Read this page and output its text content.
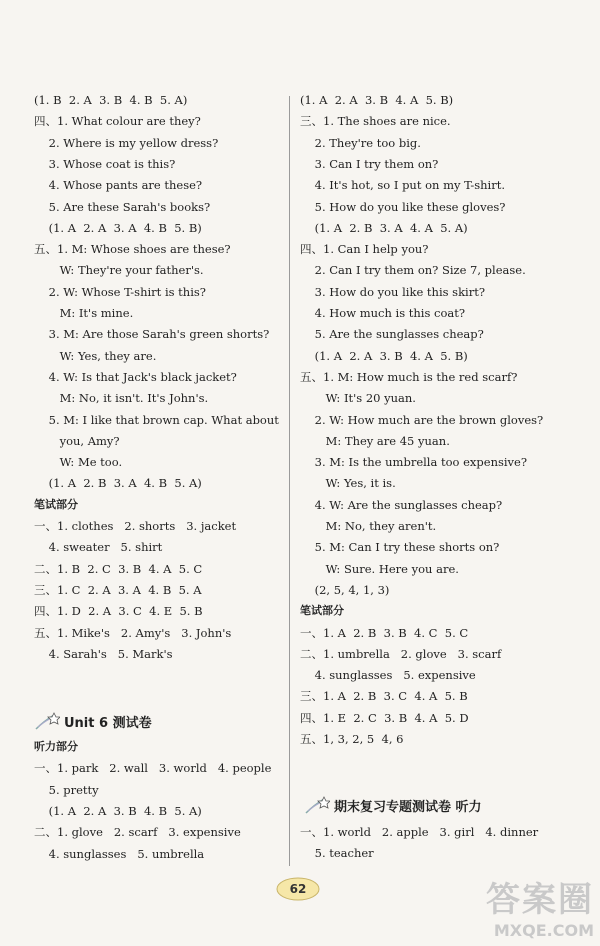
(1. B  2. A  3. B  4. B  5. A)
四、1. What colour are they?
2. Where is my yellow dress?
3. Whose coat is this?
4. Whose pants are these?
5. Are these Sarah's books?
(1. A  2. A  3. A  4. B  5. B)
五、1. M: Whose shoes are these?
W: They're your father's.
2. W: Whose T-shirt is this?
M: It's mine.
3. M: Are those Sarah's green shorts?
W: Yes, they are.
4. W: Is that Jack's black jacket?
M: No, it isn't. It's John's.
5. M: I like that brown cap. What about
you, Amy?
W: Me too.
(1. A  2. B  3. A  4. B  5. A)
笔试部分
一、1. clothes   2. shorts   3. jacket
4. sweater   5. shirt
二、1. B  2. C  3. B  4. A  5. C
三、1. C  2. A  3. A  4. B  5. A
四、1. D  2. A  3. C  4. E  5. B
五、1. Mike's   2. Amy's   3. John's
4. Sarah's   5. Mark's
Unit 6 测试卷
听力部分
一、1. park   2. wall   3. world   4. people
5. pretty
(1. A  2. A  3. B  4. B  5. A)
二、1. glove   2. scarf   3. expensive
4. sunglasses   5. umbrella
(1. A  2. A  3. B  4. A  5. B)
三、1. The shoes are nice.
2. They're too big.
3. Can I try them on?
4. It's hot, so I put on my T-shirt.
5. How do you like these gloves?
(1. A  2. B  3. A  4. A  5. A)
四、1. Can I help you?
2. Can I try them on? Size 7, please.
3. How do you like this skirt?
4. How much is this coat?
5. Are the sunglasses cheap?
(1. A  2. A  3. B  4. A  5. B)
五、1. M: How much is the red scarf?
W: It's 20 yuan.
2. W: How much are the brown gloves?
M: They are 45 yuan.
3. M: Is the umbrella too expensive?
W: Yes, it is.
4. W: Are the sunglasses cheap?
M: No, they aren't.
5. M: Can I try these shorts on?
W: Sure. Here you are.
(2, 5, 4, 1, 3)
笔试部分
一、1. A  2. B  3. B  4. C  5. C
二、1. umbrella   2. glove   3. scarf
4. sunglasses   5. expensive
三、1. A  2. B  3. C  4. A  5. B
四、1. E  2. C  3. B  4. A  5. D
五、1, 3, 2, 5  4, 6
期末复习专题测试卷 听力
一、1. world   2. apple   3. girl   4. dinner
5. teacher
62	答案圈
MXQE.COM
